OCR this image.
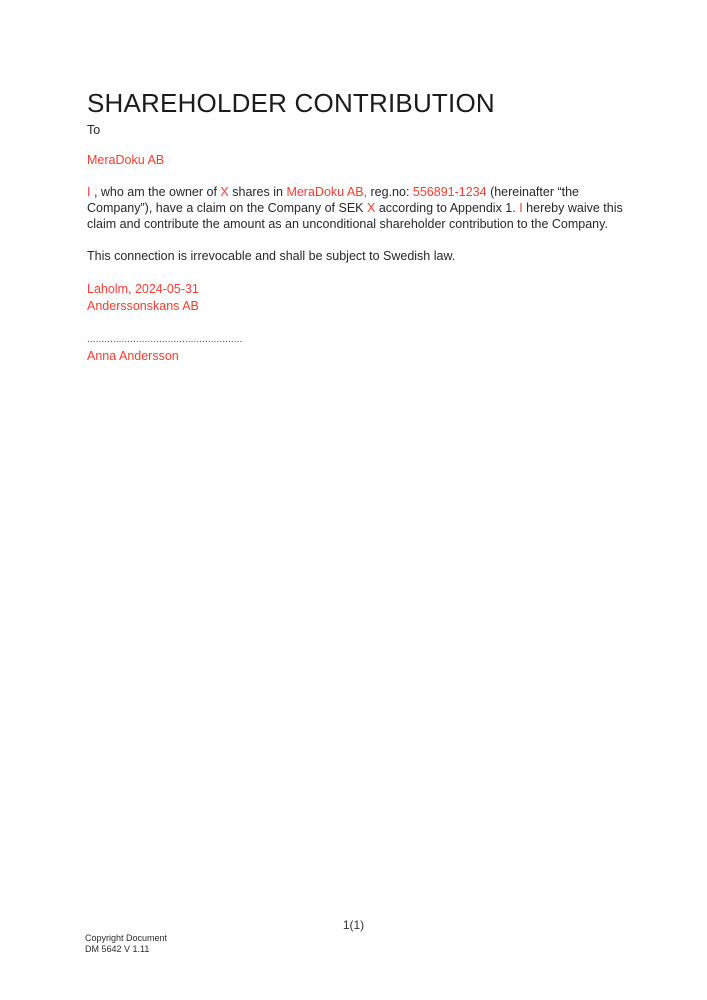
SHAREHOLDER CONTRIBUTION
To
MeraDoku AB

I , who am the owner of X shares in MeraDoku AB, reg.no: 556891-1234 (hereinafter “the Company”), have a claim on the Company of SEK X according to Appendix 1. I hereby waive this claim and contribute the amount as an unconditional shareholder contribution to the Company.

This connection is irrevocable and shall be subject to Swedish law.

Laholm, 2024-05-31
Anderssonskans AB
......................................................
Anna Andersson
1(1)
Copyright Document
DM 5642 V 1.11
